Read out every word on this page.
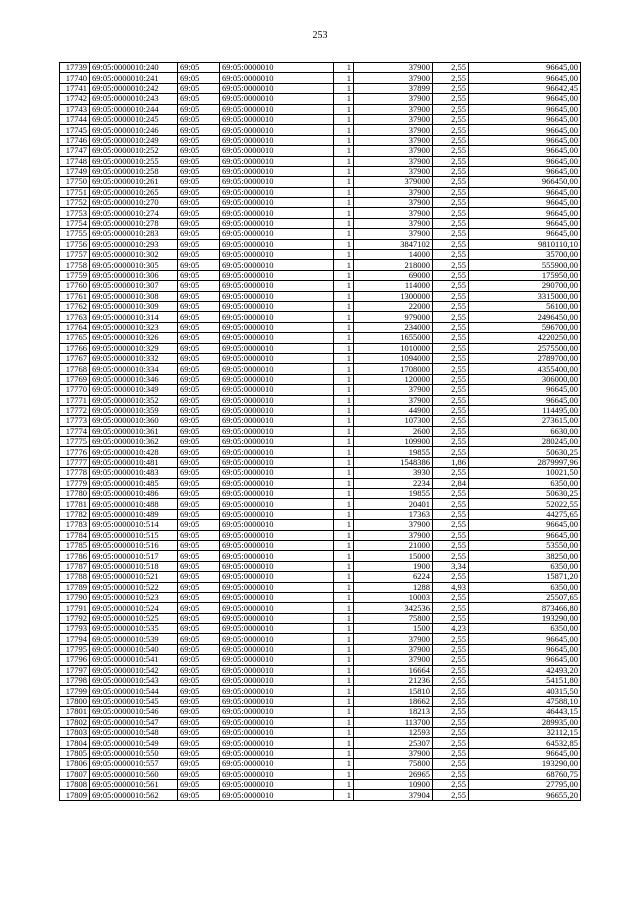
253
17739	69:05:0000010:240	69:05	69:05:0000010	1	37900	2,55	96645,00
17740	69:05:0000010:241	69:05	69:05:0000010	1	37900	2,55	96645,00
17741	69:05:0000010:242	69:05	69:05:0000010	1	37899	2,55	96642,45
17742	69:05:0000010:243	69:05	69:05:0000010	1	37900	2,55	96645,00
17743	69:05:0000010:244	69:05	69:05:0000010	1	37900	2,55	96645,00
17744	69:05:0000010:245	69:05	69:05:0000010	1	37900	2,55	96645,00
17745	69:05:0000010:246	69:05	69:05:0000010	1	37900	2,55	96645,00
17746	69:05:0000010:249	69:05	69:05:0000010	1	37900	2,55	96645,00
17747	69:05:0000010:252	69:05	69:05:0000010	1	37900	2,55	96645,00
17748	69:05:0000010:255	69:05	69:05:0000010	1	37900	2,55	96645,00
17749	69:05:0000010:258	69:05	69:05:0000010	1	37900	2,55	96645,00
17750	69:05:0000010:261	69:05	69:05:0000010	1	379000	2,55	966450,00
17751	69:05:0000010:265	69:05	69:05:0000010	1	37900	2,55	96645,00
17752	69:05:0000010:270	69:05	69:05:0000010	1	37900	2,55	96645,00
17753	69:05:0000010:274	69:05	69:05:0000010	1	37900	2,55	96645,00
17754	69:05:0000010:278	69:05	69:05:0000010	1	37900	2,55	96645,00
17755	69:05:0000010:283	69:05	69:05:0000010	1	37900	2,55	96645,00
17756	69:05:0000010:293	69:05	69:05:0000010	1	3847102	2,55	9810110,10
17757	69:05:0000010:302	69:05	69:05:0000010	1	14000	2,55	35700,00
17758	69:05:0000010:305	69:05	69:05:0000010	1	218000	2,55	555900,00
17759	69:05:0000010:306	69:05	69:05:0000010	1	69000	2,55	175950,00
17760	69:05:0000010:307	69:05	69:05:0000010	1	114000	2,55	290700,00
17761	69:05:0000010:308	69:05	69:05:0000010	1	1300000	2,55	3315000,00
17762	69:05:0000010:309	69:05	69:05:0000010	1	22000	2,55	56100,00
17763	69:05:0000010:314	69:05	69:05:0000010	1	979000	2,55	2496450,00
17764	69:05:0000010:323	69:05	69:05:0000010	1	234000	2,55	596700,00
17765	69:05:0000010:326	69:05	69:05:0000010	1	1655000	2,55	4220250,00
17766	69:05:0000010:329	69:05	69:05:0000010	1	1010000	2,55	2575500,00
17767	69:05:0000010:332	69:05	69:05:0000010	1	1094000	2,55	2789700,00
17768	69:05:0000010:334	69:05	69:05:0000010	1	1708000	2,55	4355400,00
17769	69:05:0000010:346	69:05	69:05:0000010	1	120000	2,55	306000,00
17770	69:05:0000010:349	69:05	69:05:0000010	1	37900	2,55	96645,00
17771	69:05:0000010:352	69:05	69:05:0000010	1	37900	2,55	96645,00
17772	69:05:0000010:359	69:05	69:05:0000010	1	44900	2,55	114495,00
17773	69:05:0000010:360	69:05	69:05:0000010	1	107300	2,55	273615,00
17774	69:05:0000010:361	69:05	69:05:0000010	1	2600	2,55	6630,00
17775	69:05:0000010:362	69:05	69:05:0000010	1	109900	2,55	280245,00
17776	69:05:0000010:428	69:05	69:05:0000010	1	19855	2,55	50630,25
17777	69:05:0000010:481	69:05	69:05:0000010	1	1548386	1,86	2879997,96
17778	69:05:0000010:483	69:05	69:05:0000010	1	3930	2,55	10021,50
17779	69:05:0000010:485	69:05	69:05:0000010	1	2234	2,84	6350,00
17780	69:05:0000010:486	69:05	69:05:0000010	1	19855	2,55	50630,25
17781	69:05:0000010:488	69:05	69:05:0000010	1	20401	2,55	52022,55
17782	69:05:0000010:489	69:05	69:05:0000010	1	17363	2,55	44275,65
17783	69:05:0000010:514	69:05	69:05:0000010	1	37900	2,55	96645,00
17784	69:05:0000010:515	69:05	69:05:0000010	1	37900	2,55	96645,00
17785	69:05:0000010:516	69:05	69:05:0000010	1	21000	2,55	53550,00
17786	69:05:0000010:517	69:05	69:05:0000010	1	15000	2,55	38250,00
17787	69:05:0000010:518	69:05	69:05:0000010	1	1900	3,34	6350,00
17788	69:05:0000010:521	69:05	69:05:0000010	1	6224	2,55	15871,20
17789	69:05:0000010:522	69:05	69:05:0000010	1	1288	4,93	6350,00
17790	69:05:0000010:523	69:05	69:05:0000010	1	10003	2,55	25507,65
17791	69:05:0000010:524	69:05	69:05:0000010	1	342536	2,55	873466,80
17792	69:05:0000010:525	69:05	69:05:0000010	1	75800	2,55	193290,00
17793	69:05:0000010:535	69:05	69:05:0000010	1	1500	4,23	6350,00
17794	69:05:0000010:539	69:05	69:05:0000010	1	37900	2,55	96645,00
17795	69:05:0000010:540	69:05	69:05:0000010	1	37900	2,55	96645,00
17796	69:05:0000010:541	69:05	69:05:0000010	1	37900	2,55	96645,00
17797	69:05:0000010:542	69:05	69:05:0000010	1	16664	2,55	42493,20
17798	69:05:0000010:543	69:05	69:05:0000010	1	21236	2,55	54151,80
17799	69:05:0000010:544	69:05	69:05:0000010	1	15810	2,55	40315,50
17800	69:05:0000010:545	69:05	69:05:0000010	1	18662	2,55	47588,10
17801	69:05:0000010:546	69:05	69:05:0000010	1	18213	2,55	46443,15
17802	69:05:0000010:547	69:05	69:05:0000010	1	113700	2,55	289935,00
17803	69:05:0000010:548	69:05	69:05:0000010	1	12593	2,55	32112,15
17804	69:05:0000010:549	69:05	69:05:0000010	1	25307	2,55	64532,85
17805	69:05:0000010:550	69:05	69:05:0000010	1	37900	2,55	96645,00
17806	69:05:0000010:557	69:05	69:05:0000010	1	75800	2,55	193290,00
17807	69:05:0000010:560	69:05	69:05:0000010	1	26965	2,55	68760,75
17808	69:05:0000010:561	69:05	69:05:0000010	1	10900	2,55	27795,00
17809	69:05:0000010:562	69:05	69:05:0000010	1	37904	2,55	96655,20
